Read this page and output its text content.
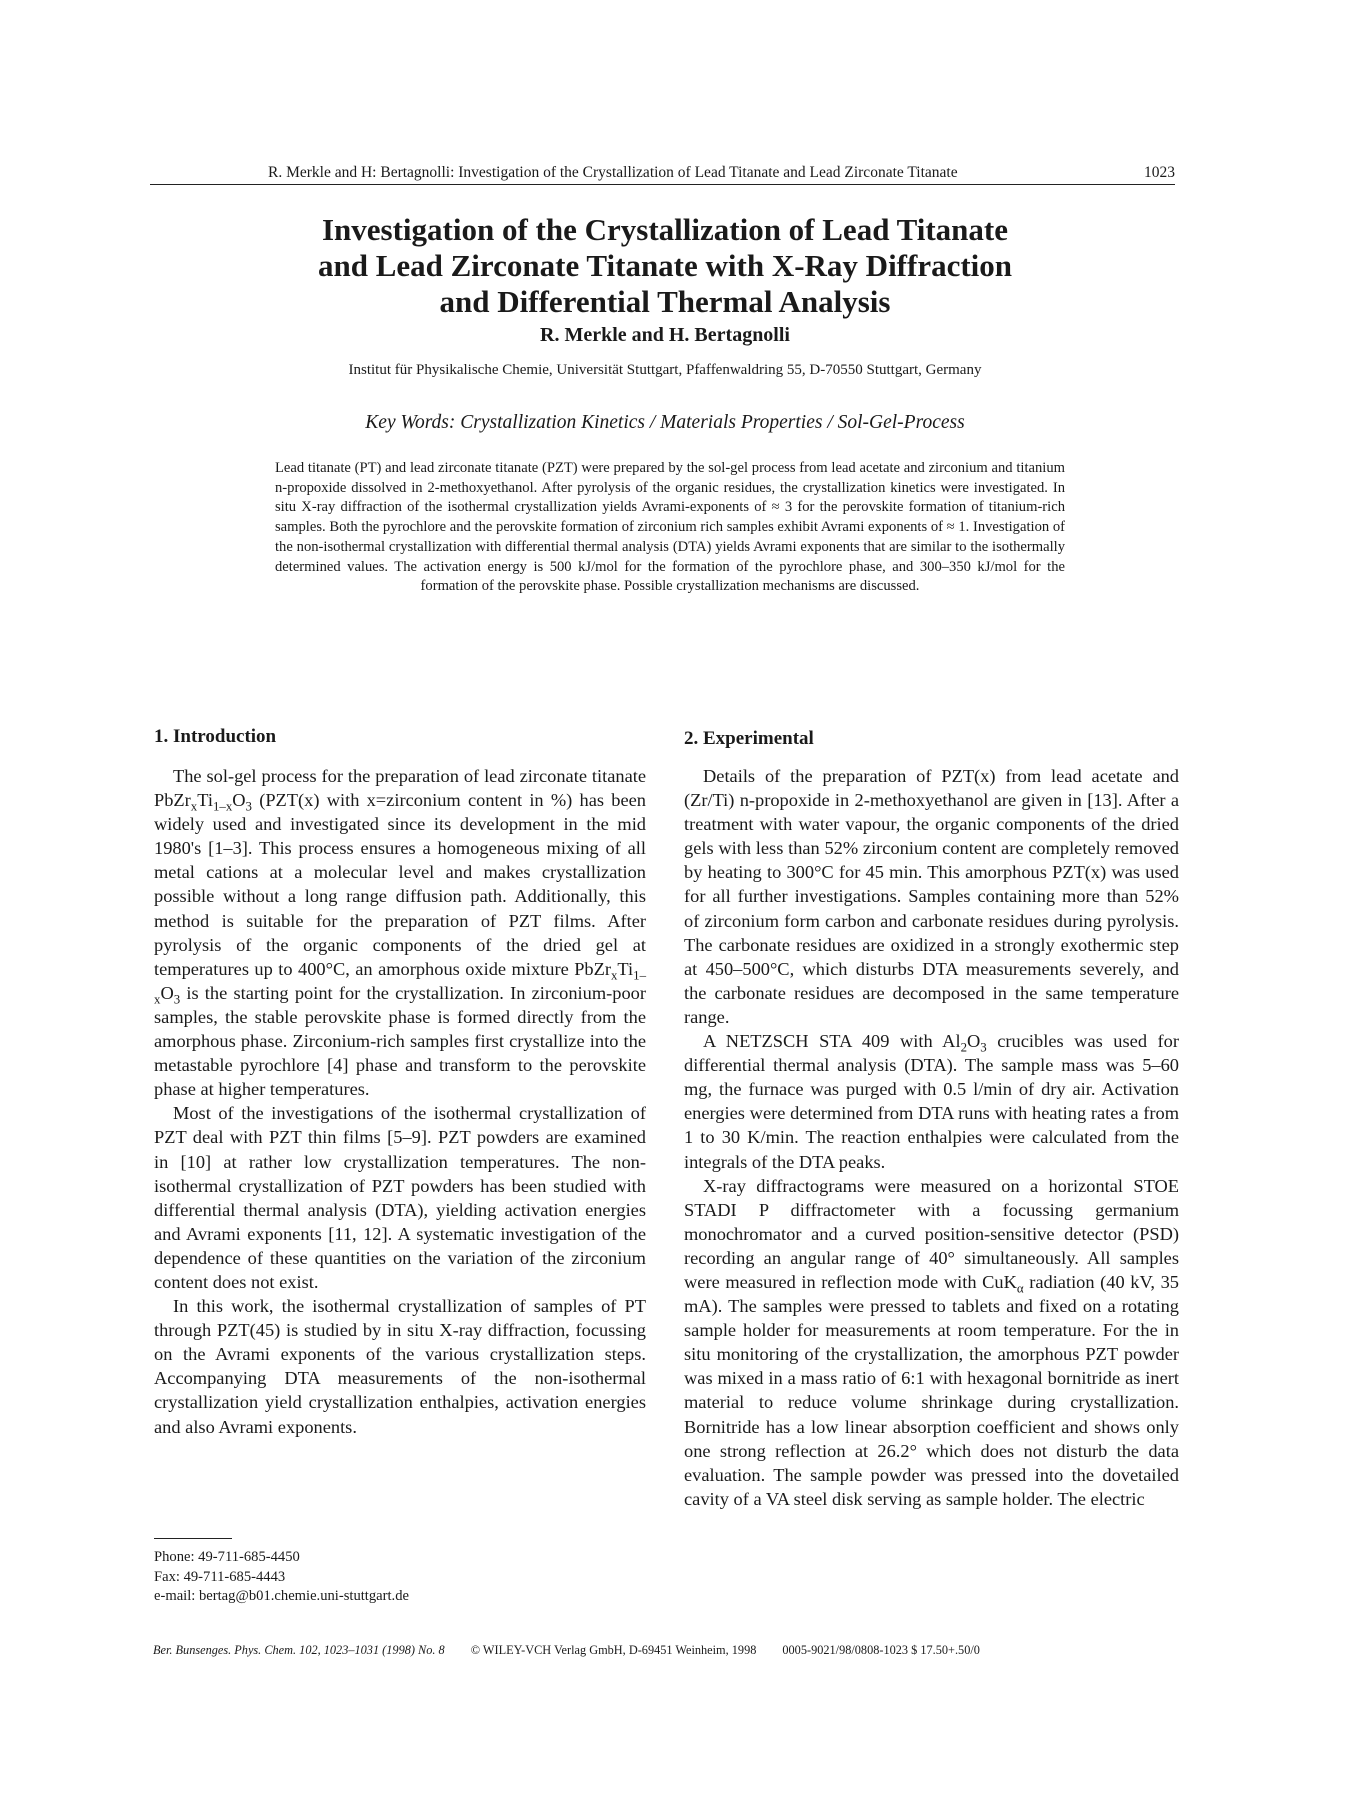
R. Merkle and H: Bertagnolli: Investigation of the Crystallization of Lead Titanate and Lead Zirconate Titanate	1023
Investigation of the Crystallization of Lead Titanate
and Lead Zirconate Titanate with X-Ray Diffraction
and Differential Thermal Analysis
R. Merkle and H. Bertagnolli
Institut für Physikalische Chemie, Universität Stuttgart, Pfaffenwaldring 55, D-70550 Stuttgart, Germany
Key Words: Crystallization Kinetics / Materials Properties / Sol-Gel-Process
Lead titanate (PT) and lead zirconate titanate (PZT) were prepared by the sol-gel process from lead acetate and zirconium and titanium n-propoxide dissolved in 2-methoxyethanol. After pyrolysis of the organic residues, the crystallization kinetics were investigated. In situ X-ray diffraction of the isothermal crystallization yields Avrami-exponents of ≈ 3 for the perovskite formation of titanium-rich samples. Both the pyrochlore and the perovskite formation of zirconium rich samples exhibit Avrami exponents of ≈ 1. Investigation of the non-isothermal crystallization with differential thermal analysis (DTA) yields Avrami exponents that are similar to the isothermally determined values. The activation energy is 500 kJ/mol for the formation of the pyrochlore phase, and 300–350 kJ/mol for the formation of the perovskite phase. Possible crystallization mechanisms are discussed.
1. Introduction

The sol-gel process for the preparation of lead zirconate titanate $PbZr_xTi_{1-x}O_3$ (PZT(x) with x=zirconium content in %) has been widely used and investigated since its development in the mid 1980's [1–3]. This process ensures a homogeneous mixing of all metal cations at a molecular level and makes crystallization possible without a long range diffusion path. Additionally, this method is suitable for the preparation of PZT films. After pyrolysis of the organic components of the dried gel at temperatures up to 400°C, an amorphous oxide mixture $PbZr_xTi_{1-x}O_3$ is the starting point for the crystallization. In zirconium-poor samples, the stable perovskite phase is formed directly from the amorphous phase. Zirconium-rich samples first crystallize into the metastable pyrochlore [4] phase and transform to the perovskite phase at higher temperatures.

Most of the investigations of the isothermal crystallization of PZT deal with PZT thin films [5–9]. PZT powders are examined in [10] at rather low crystallization temperatures. The non-isothermal crystallization of PZT powders has been studied with differential thermal analysis (DTA), yielding activation energies and Avrami exponents [11, 12]. A systematic investigation of the dependence of these quantities on the variation of the zirconium content does not exist.

In this work, the isothermal crystallization of samples of PT through PZT(45) is studied by in situ X-ray diffraction, focussing on the Avrami exponents of the various crystallization steps. Accompanying DTA measurements of the non-isothermal crystallization yield crystallization enthalpies, activation energies and also Avrami exponents.

Phone: 49-711-685-4450
Fax: 49-711-685-4443
e-mail: bertag@b01.chemie.uni-stuttgart.de
2. Experimental

Details of the preparation of PZT(x) from lead acetate and (Zr/Ti) n-propoxide in 2-methoxyethanol are given in [13]. After a treatment with water vapour, the organic components of the dried gels with less than 52% zirconium content are completely removed by heating to 300°C for 45 min. This amorphous PZT(x) was used for all further investigations. Samples containing more than 52% of zirconium form carbon and carbonate residues during pyrolysis. The carbonate residues are oxidized in a strongly exothermic step at 450–500°C, which disturbs DTA measurements severely, and the carbonate residues are decomposed in the same temperature range.

A NETZSCH STA 409 with $Al_2O_3$ crucibles was used for differential thermal analysis (DTA). The sample mass was 5–60 mg, the furnace was purged with 0.5 l/min of dry air. Activation energies were determined from DTA runs with heating rates a from 1 to 30 K/min. The reaction enthalpies were calculated from the integrals of the DTA peaks.

X-ray diffractograms were measured on a horizontal STOE STADI P diffractometer with a focussing germanium monochromator and a curved position-sensitive detector (PSD) recording an angular range of 40° simultaneously. All samples were measured in reflection mode with CuK$_\alpha$ radiation (40 kV, 35 mA). The samples were pressed to tablets and fixed on a rotating sample holder for measurements at room temperature. For the in situ monitoring of the crystallization, the amorphous PZT powder was mixed in a mass ratio of 6:1 with hexagonal bornitride as inert material to reduce volume shrinkage during crystallization. Bornitride has a low linear absorption coefficient and shows only one strong reflection at 26.2° which does not disturb the data evaluation. The sample powder was pressed into the dovetailed cavity of a VA steel disk serving as sample holder. The electric

Ber. Bunsenges. Phys. Chem. 102, 1023–1031 (1998) No. 8 © WILEY-VCH Verlag GmbH, D-69451 Weinheim, 1998 0005-9021/98/0808-1023 $ 17.50+.50/0
